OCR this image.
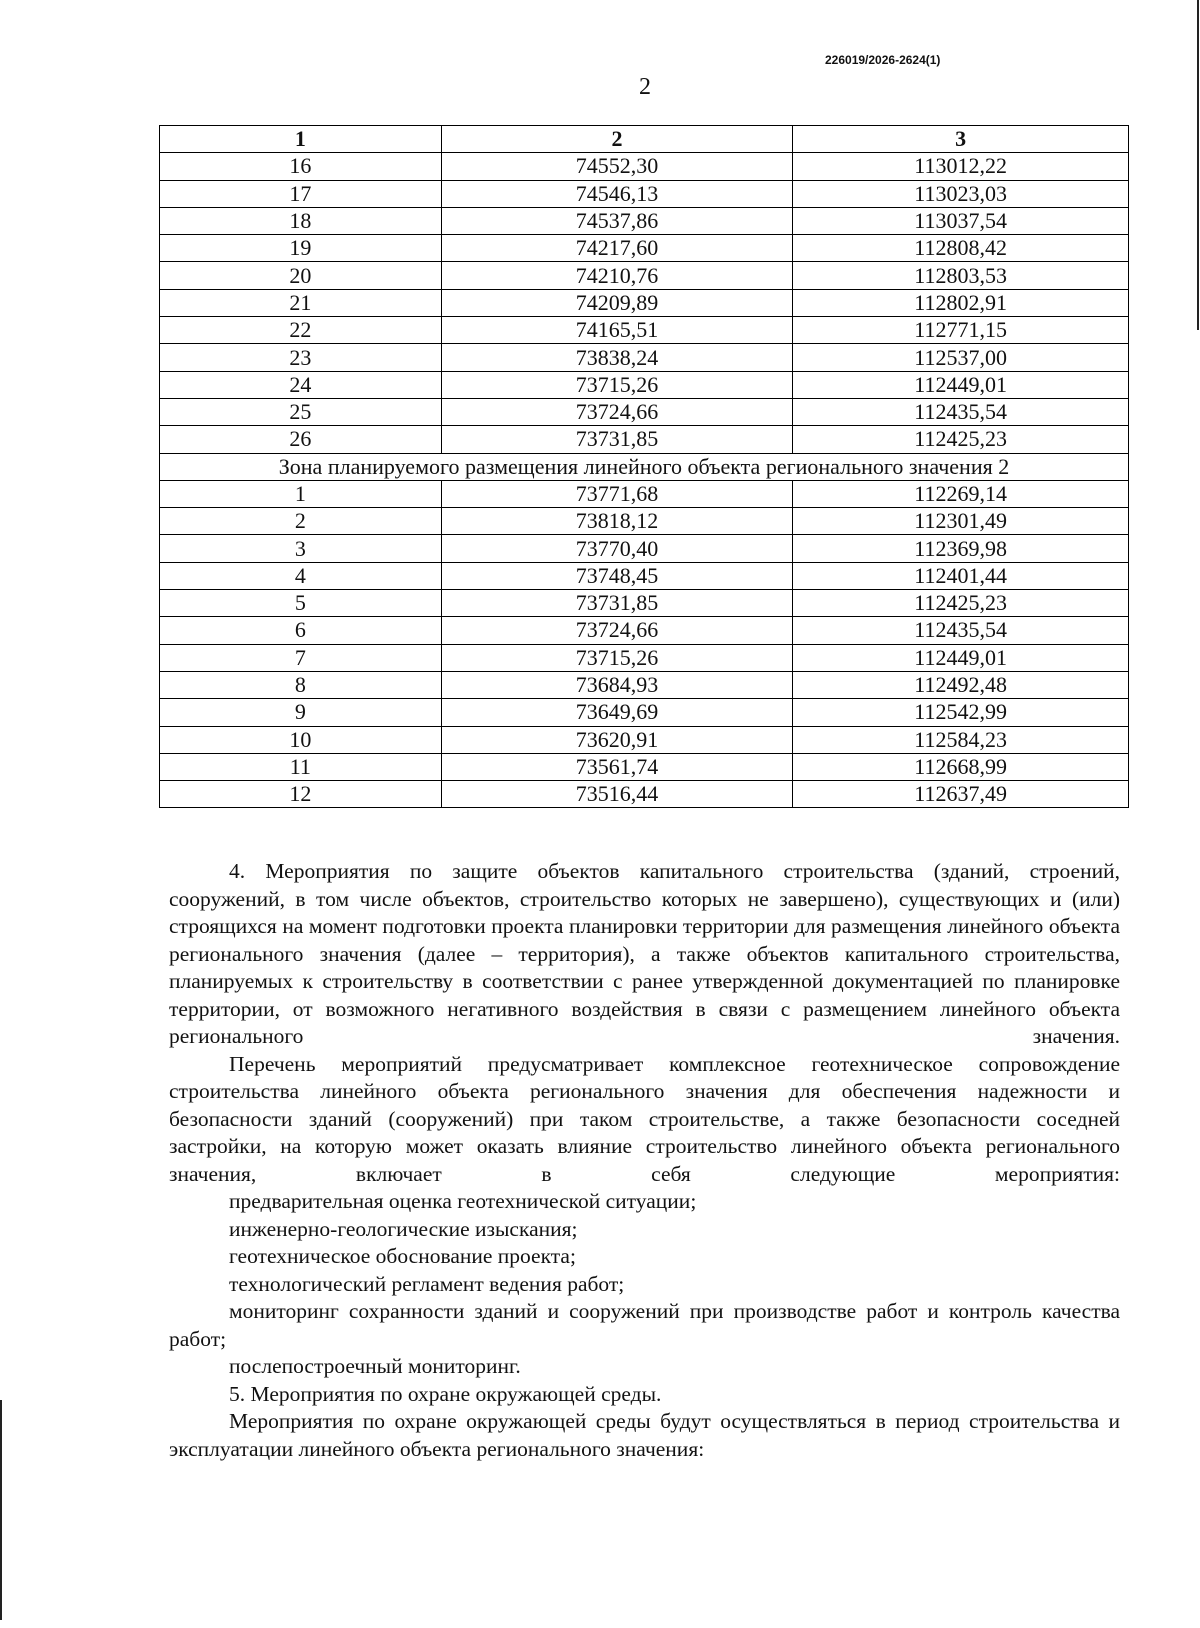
226019/2026-2624(1)
2
1	2	3
16	74552,30	113012,22
17	74546,13	113023,03
18	74537,86	113037,54
19	74217,60	112808,42
20	74210,76	112803,53
21	74209,89	112802,91
22	74165,51	112771,15
23	73838,24	112537,00
24	73715,26	112449,01
25	73724,66	112435,54
26	73731,85	112425,23
Зона планируемого размещения линейного объекта регионального значения 2		
1	73771,68	112269,14
2	73818,12	112301,49
3	73770,40	112369,98
4	73748,45	112401,44
5	73731,85	112425,23
6	73724,66	112435,54
7	73715,26	112449,01
8	73684,93	112492,48
9	73649,69	112542,99
10	73620,91	112584,23
11	73561,74	112668,99
12	73516,44	112637,49

4. Мероприятия по защите объектов капитального строительства (зданий, строений, сооружений, в том числе объектов, строительство которых не завершено), существующих и (или) строящихся на момент подготовки проекта планировки территории для размещения линейного объекта регионального значения (далее – территория), а также объектов капитального строительства, планируемых к строительству в соответствии с ранее утвержденной документацией по планировке территории, от возможного негативного воздействия в связи с размещением линейного объекта регионального значения.

Перечень мероприятий предусматривает комплексное геотехническое сопровождение строительства линейного объекта регионального значения для обеспечения надежности и безопасности зданий (сооружений) при таком строительстве, а также безопасности соседней застройки, на которую может оказать влияние строительство линейного объекта регионального значения, включает в себя следующие мероприятия:

предварительная оценка геотехнической ситуации;

инженерно-геологические изыскания;

геотехническое обоснование проекта;

технологический регламент ведения работ;

мониторинг сохранности зданий и сооружений при производстве работ и контроль качества работ;

послепостроечный мониторинг.

5. Мероприятия по охране окружающей среды.

Мероприятия по охране окружающей среды будут осуществляться в период строительства и эксплуатации линейного объекта регионального значения:
